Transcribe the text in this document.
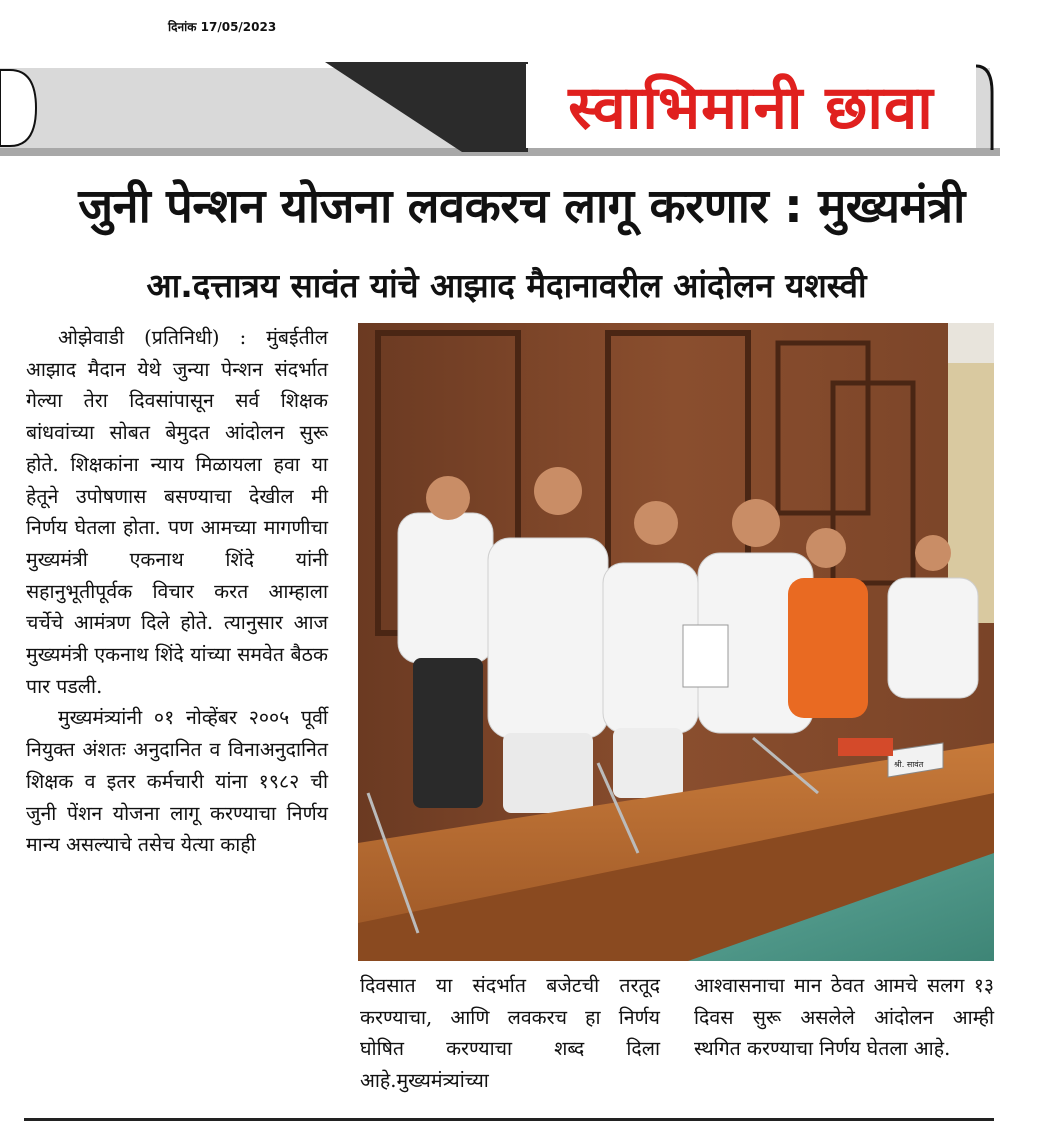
दिनांक 17/05/2023
स्वाभिमानी छावा
जुनी पेन्शन योजना लवकरच लागू करणार : मुख्यमंत्री
आ.दत्तात्रय सावंत यांचे आझाद मैदानावरील आंदोलन यशस्वी

ओझेवाडी (प्रतिनिधी) : मुंबईतील आझाद मैदान येथे जुन्या पेन्शन संदर्भात गेल्या तेरा दिवसांपासून सर्व शिक्षक बांधवांच्या सोबत बेमुदत आंदोलन सुरू होते. शिक्षकांना न्याय मिळायला हवा या हेतूने उपोषणास बसण्याचा देखील मी निर्णय घेतला होता. पण आमच्या मागणीचा मुख्यमंत्री एकनाथ शिंदे यांनी सहानुभूतीपूर्वक विचार करत आम्हाला चर्चेचे आमंत्रण दिले होते. त्यानुसार आज मुख्यमंत्री एकनाथ शिंदे यांच्या समवेत बैठक पार पडली.

मुख्यमंत्र्यांनी ०१ नोव्हेंबर २००५ पूर्वी नियुक्त अंशतः अनुदानित व विनाअनुदानित शिक्षक व इतर कर्मचारी यांना १९८२ ची जुनी पेंशन योजना लागू करण्याचा निर्णय मान्य असल्याचे तसेच येत्या काही

श्री. सावंत

दिवसात या संदर्भात बजेटची तरतूद करण्याचा, आणि लवकरच हा निर्णय घोषित करण्याचा शब्द दिला आहे.मुख्यमंत्र्यांच्या

आश्वासनाचा मान ठेवत आमचे सलग १३ दिवस सुरू असलेले आंदोलन आम्ही स्थगित करण्याचा निर्णय घेतला आहे.
